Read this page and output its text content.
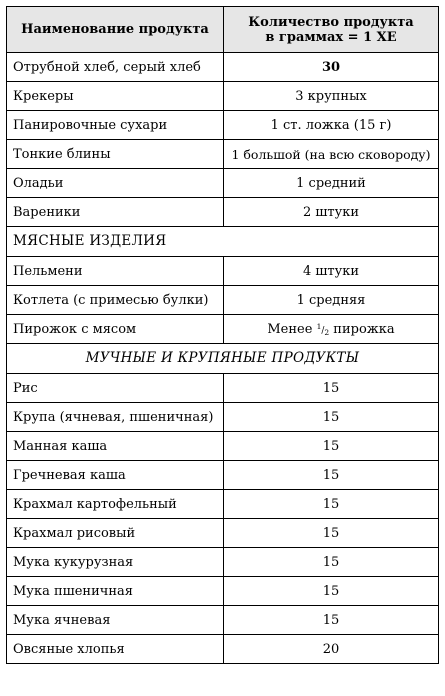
Наименование продукта	Количество продукта
в граммах = 1 ХЕ
Отрубной хлеб, серый хлеб	30
Крекеры	3 крупных
Панировочные сухари	1 ст. ложка (15 г)
Тонкие блины	1 большой (на всю сковороду)
Оладьи	1 средний
Вареники	2 штуки
МЯСНЫЕ ИЗДЕЛИЯ	
Пельмени	4 штуки
Котлета (с примесью булки)	1 средняя
Пирожок с мясом	Менее $^1/_2$ пирожка
МУЧНЫЕ И КРУПЯНЫЕ ПРОДУКТЫ	
Рис	15
Крупа (ячневая, пшеничная)	15
Манная каша	15
Гречневая каша	15
Крахмал картофельный	15
Крахмал рисовый	15
Мука кукурузная	15
Мука пшеничная	15
Мука ячневая	15
Овсяные хлопья	20
